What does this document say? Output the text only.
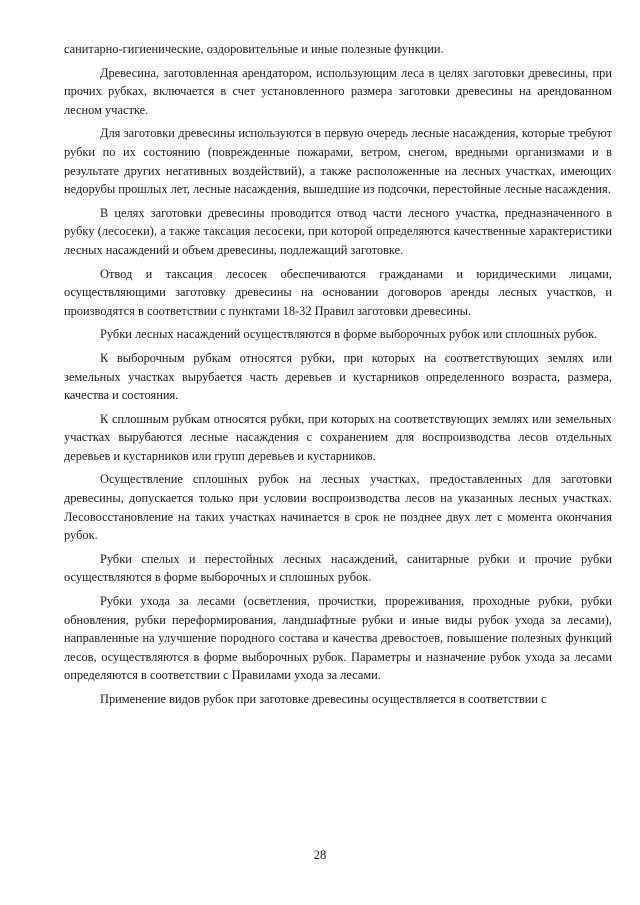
санитарно-гигиенические, оздоровительные и иные полезные функции.

Древесина, заготовленная арендатором, использующим леса в целях заготовки древесины, при прочих рубках, включается в счет установленного размера заготовки древесины на арендованном лесном участке.

Для заготовки древесины используются в первую очередь лесные насаждения, которые требуют рубки по их состоянию (поврежденные пожарами, ветром, снегом, вредными организмами и в результате других негативных воздействий), а также расположенные на лесных участках, имеющих недорубы прошлых лет, лесные насаждения, вышедшие из подсочки, перестойные лесные насаждения.

В целях заготовки древесины проводится отвод части лесного участка, предназначенного в рубку (лесосеки), а также таксация лесосеки, при которой определяются качественные характеристики лесных насаждений и объем древесины, подлежащий заготовке.

Отвод и таксация лесосек обеспечиваются гражданами и юридическими лицами, осуществляющими заготовку древесины на основании договоров аренды лесных участков, и производятся в соответствии с пунктами 18-32 Правил заготовки древесины.

Рубки лесных насаждений осуществляются в форме выборочных рубок или сплошных рубок.

К выборочным рубкам относятся рубки, при которых на соответствующих землях или земельных участках вырубается часть деревьев и кустарников определенного возраста, размера, качества и состояния.

К сплошным рубкам относятся рубки, при которых на соответствующих землях или земельных участках вырубаются лесные насаждения с сохранением для воспроизводства лесов отдельных деревьев и кустарников или групп деревьев и кустарников.

Осуществление сплошных рубок на лесных участках, предоставленных для заготовки древесины, допускается только при условии воспроизводства лесов на указанных лесных участках. Лесовосстановление на таких участках начинается в срок не позднее двух лет с момента окончания рубок.

Рубки спелых и перестойных лесных насаждений, санитарные рубки и прочие рубки осуществляются в форме выборочных и сплошных рубок.

Рубки ухода за лесами (осветления, прочистки, прореживания, проходные рубки, рубки обновления, рубки переформирования, ландшафтные рубки и иные виды рубок ухода за лесами), направленные на улучшение породного состава и качества древостоев, повышение полезных функций лесов, осуществляются в форме выборочных рубок. Параметры и назначение рубок ухода за лесами определяются в соответствии с Правилами ухода за лесами.

Применение видов рубок при заготовке древесины осуществляется в соответствии с

28
